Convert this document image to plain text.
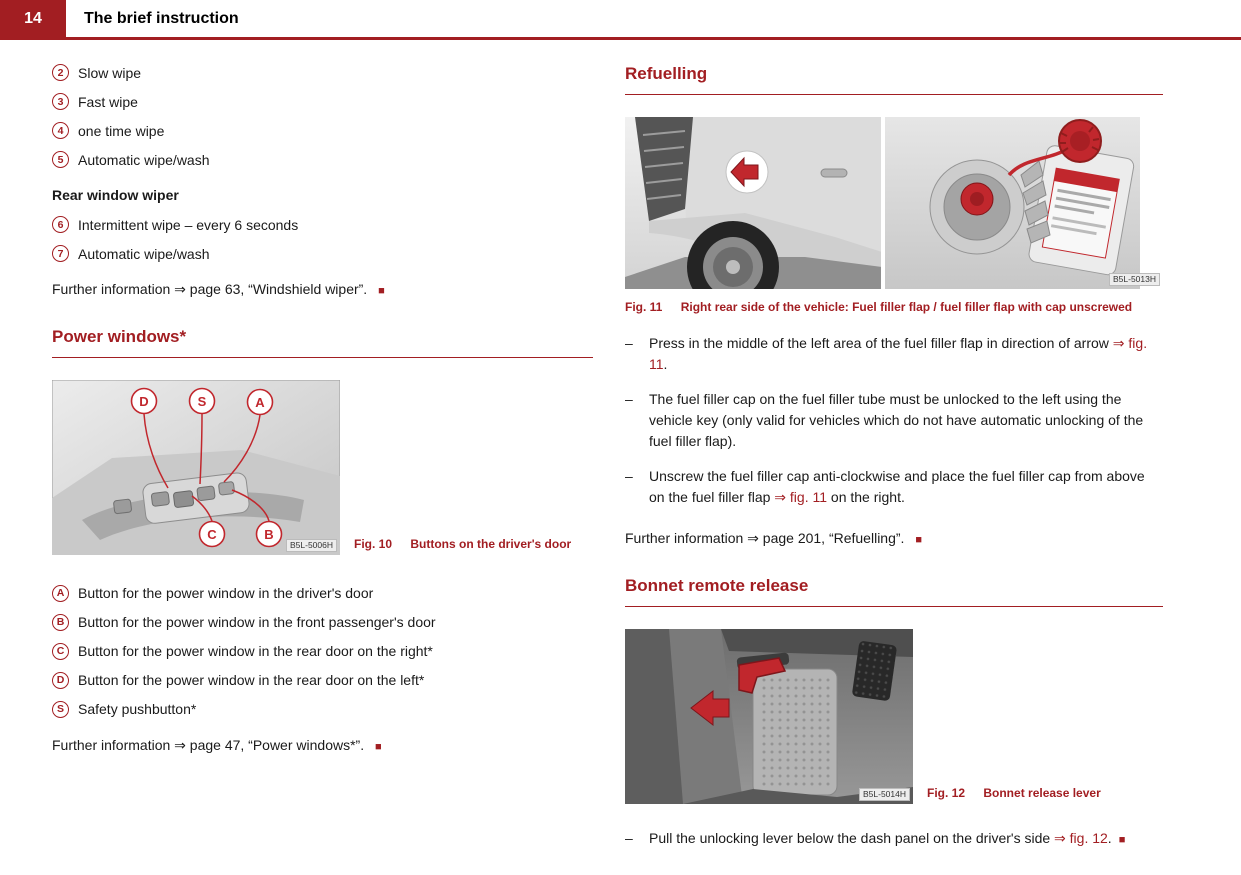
14	The brief instruction
2	Slow wipe
3	Fast wipe
4	one time wipe
5	Automatic wipe/wash
Rear window wiper
6	Intermittent wipe – every 6 seconds
7	Automatic wipe/wash

Further information ⇒ page 63, “Windshield wiper”. ■

Power windows*
D	S	A
C	B
B5L-5006H	Fig. 10 Buttons on the driver's door
A Button for the power window in the driver's door
B Button for the power window in the front passenger's door
C Button for the power window in the rear door on the right*
D Button for the power window in the rear door on the left*
S	Safety pushbutton*

Further information ⇒ page 47, “Power windows*”. ■

Refuelling
B5L-5013H
Fig. 11 Right rear side of the vehicle: Fuel filler flap / fuel filler flap with cap unscrewed
–	Press in the middle of the left area of the fuel filler flap in direction of arrow ⇒ fig. 11.
–	The fuel filler cap on the fuel filler tube must be unlocked to the left using the vehicle key (only valid for vehicles which do not have automatic unlocking of the fuel filler flap).
–	Unscrew the fuel filler cap anti-clockwise and place the fuel filler cap from above on the fuel filler flap ⇒ fig. 11 on the right.

Further information ⇒ page 201, “Refuelling”. ■

Bonnet remote release
B5L-5014H	Fig. 12 Bonnet release lever
–	Pull the unlocking lever below the dash panel on the driver's side ⇒ fig. 12. ■
